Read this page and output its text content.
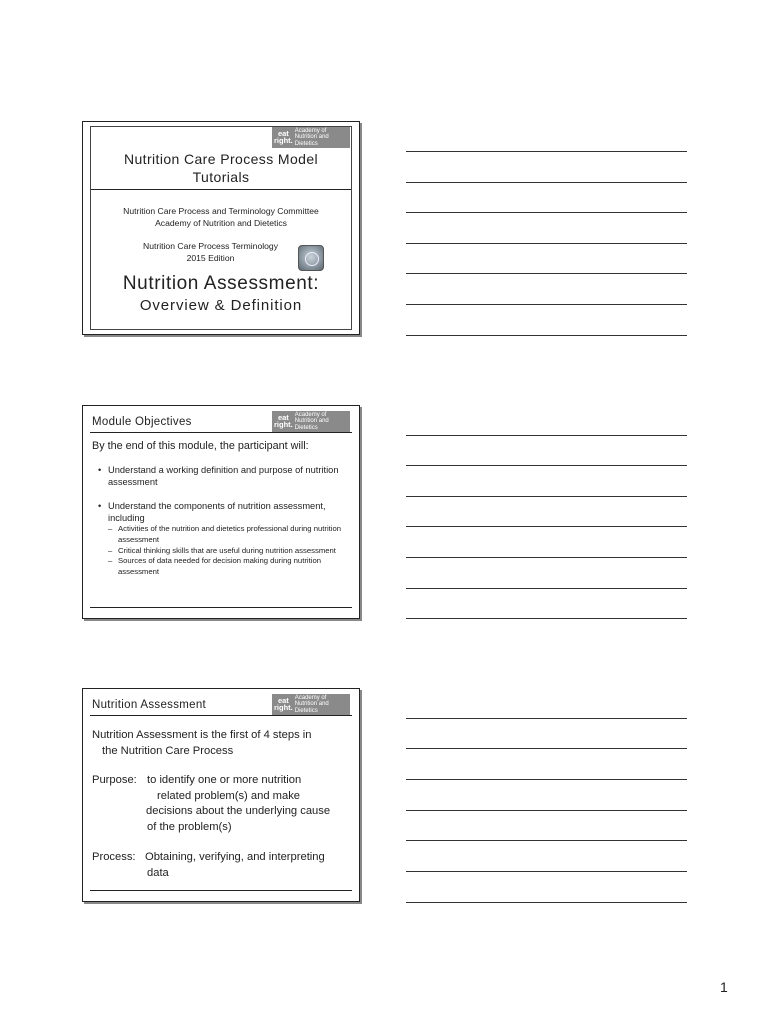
eat right.
Academy of Nutrition and Dietetics
Nutrition Care Process Model
Tutorials
Nutrition Care Process and Terminology Committee
Academy of Nutrition and Dietetics
Nutrition Care Process Terminology
2015 Edition
Nutrition Assessment:
Overview & Definition
eat right.
Academy of Nutrition and Dietetics
Module Objectives
By the end of this module, the participant will:
• Understand a working definition and purpose of nutrition assessment
• Understand the components of nutrition assessment, including
– Activities of the nutrition and dietetics professional during nutrition assessment
– Critical thinking skills that are useful during nutrition assessment
– Sources of data needed for decision making during nutrition assessment
eat right.
Academy of Nutrition and Dietetics
Nutrition Assessment
Nutrition Assessment is the first of 4 steps in
the Nutrition Care Process
Purpose: to identify one or more nutrition
related problem(s) and make
decisions about the underlying cause
of the problem(s)
Process: Obtaining, verifying, and interpreting
data
1
